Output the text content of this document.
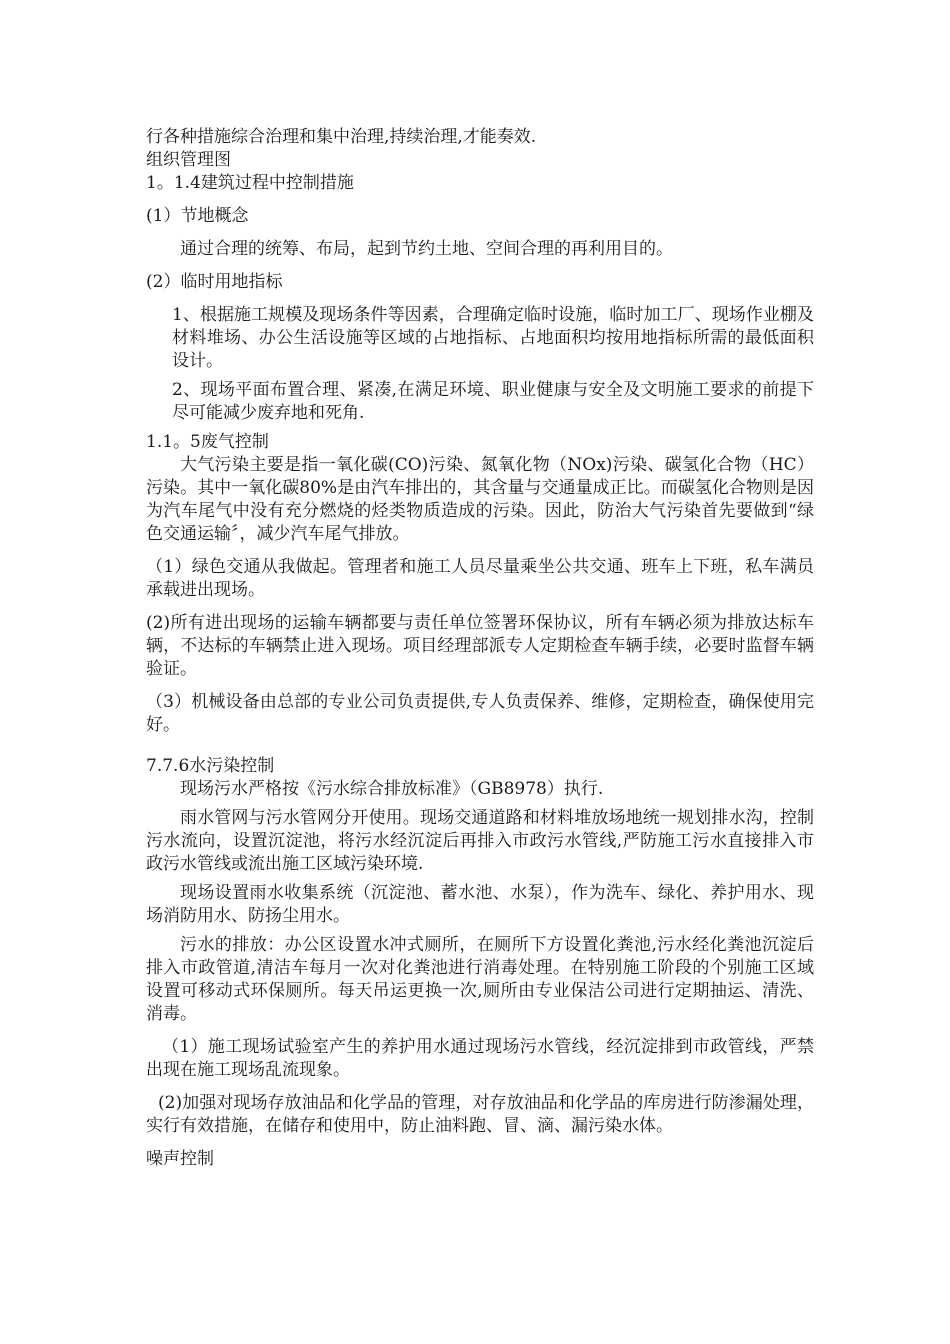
行各种措施综合治理和集中治理,持续治理,才能奏效.

组织管理图

1。1.4建筑过程中控制措施

(1）节地概念

通过合理的统筹、布局，起到节约土地、空间合理的再利用目的。

(2）临时用地指标

1、根据施工规模及现场条件等因素，合理确定临时设施，临时加工厂、现场作业棚及材料堆场、办公生活设施等区域的占地指标、占地面积均按用地指标所需的最低面积设计。

2、现场平面布置合理、紧凑,在满足环境、职业健康与安全及文明施工要求的前提下尽可能减少废弃地和死角.

1.1。5废气控制

大气污染主要是指一氧化碳(CO)污染、氮氧化物（NOx)污染、碳氢化合物（HC）污染。其中一氧化碳80%是由汽车排出的，其含量与交通量成正比。而碳氢化合物则是因为汽车尾气中没有充分燃烧的烃类物质造成的污染。因此，防治大气污染首先要做到“绿色交通运输〞，减少汽车尾气排放。

（1）绿色交通从我做起。管理者和施工人员尽量乘坐公共交通、班车上下班，私车满员承载进出现场。

(2)所有进出现场的运输车辆都要与责任单位签署环保协议，所有车辆必须为排放达标车辆，不达标的车辆禁止进入现场。项目经理部派专人定期检查车辆手续，必要时监督车辆验证。

（3）机械设备由总部的专业公司负责提供,专人负责保养、维修，定期检查，确保使用完好。

7.7.6水污染控制

现场污水严格按《污水综合排放标准》（GB8978）执行.

雨水管网与污水管网分开使用。现场交通道路和材料堆放场地统一规划排水沟，控制污水流向，设置沉淀池，将污水经沉淀后再排入市政污水管线,严防施工污水直接排入市政污水管线或流出施工区域污染环境.

现场设置雨水收集系统（沉淀池、蓄水池、水泵），作为洗车、绿化、养护用水、现场消防用水、防扬尘用水。

污水的排放：办公区设置水冲式厕所，在厕所下方设置化粪池,污水经化粪池沉淀后排入市政管道,清洁车每月一次对化粪池进行消毒处理。在特别施工阶段的个别施工区域设置可移动式环保厕所。每天吊运更换一次,厕所由专业保洁公司进行定期抽运、清洗、消毒。

（1）施工现场试验室产生的养护用水通过现场污水管线，经沉淀排到市政管线，严禁出现在施工现场乱流现象。

(2)加强对现场存放油品和化学品的管理，对存放油品和化学品的库房进行防渗漏处理，实行有效措施，在储存和使用中，防止油料跑、冒、滴、漏污染水体。

噪声控制
